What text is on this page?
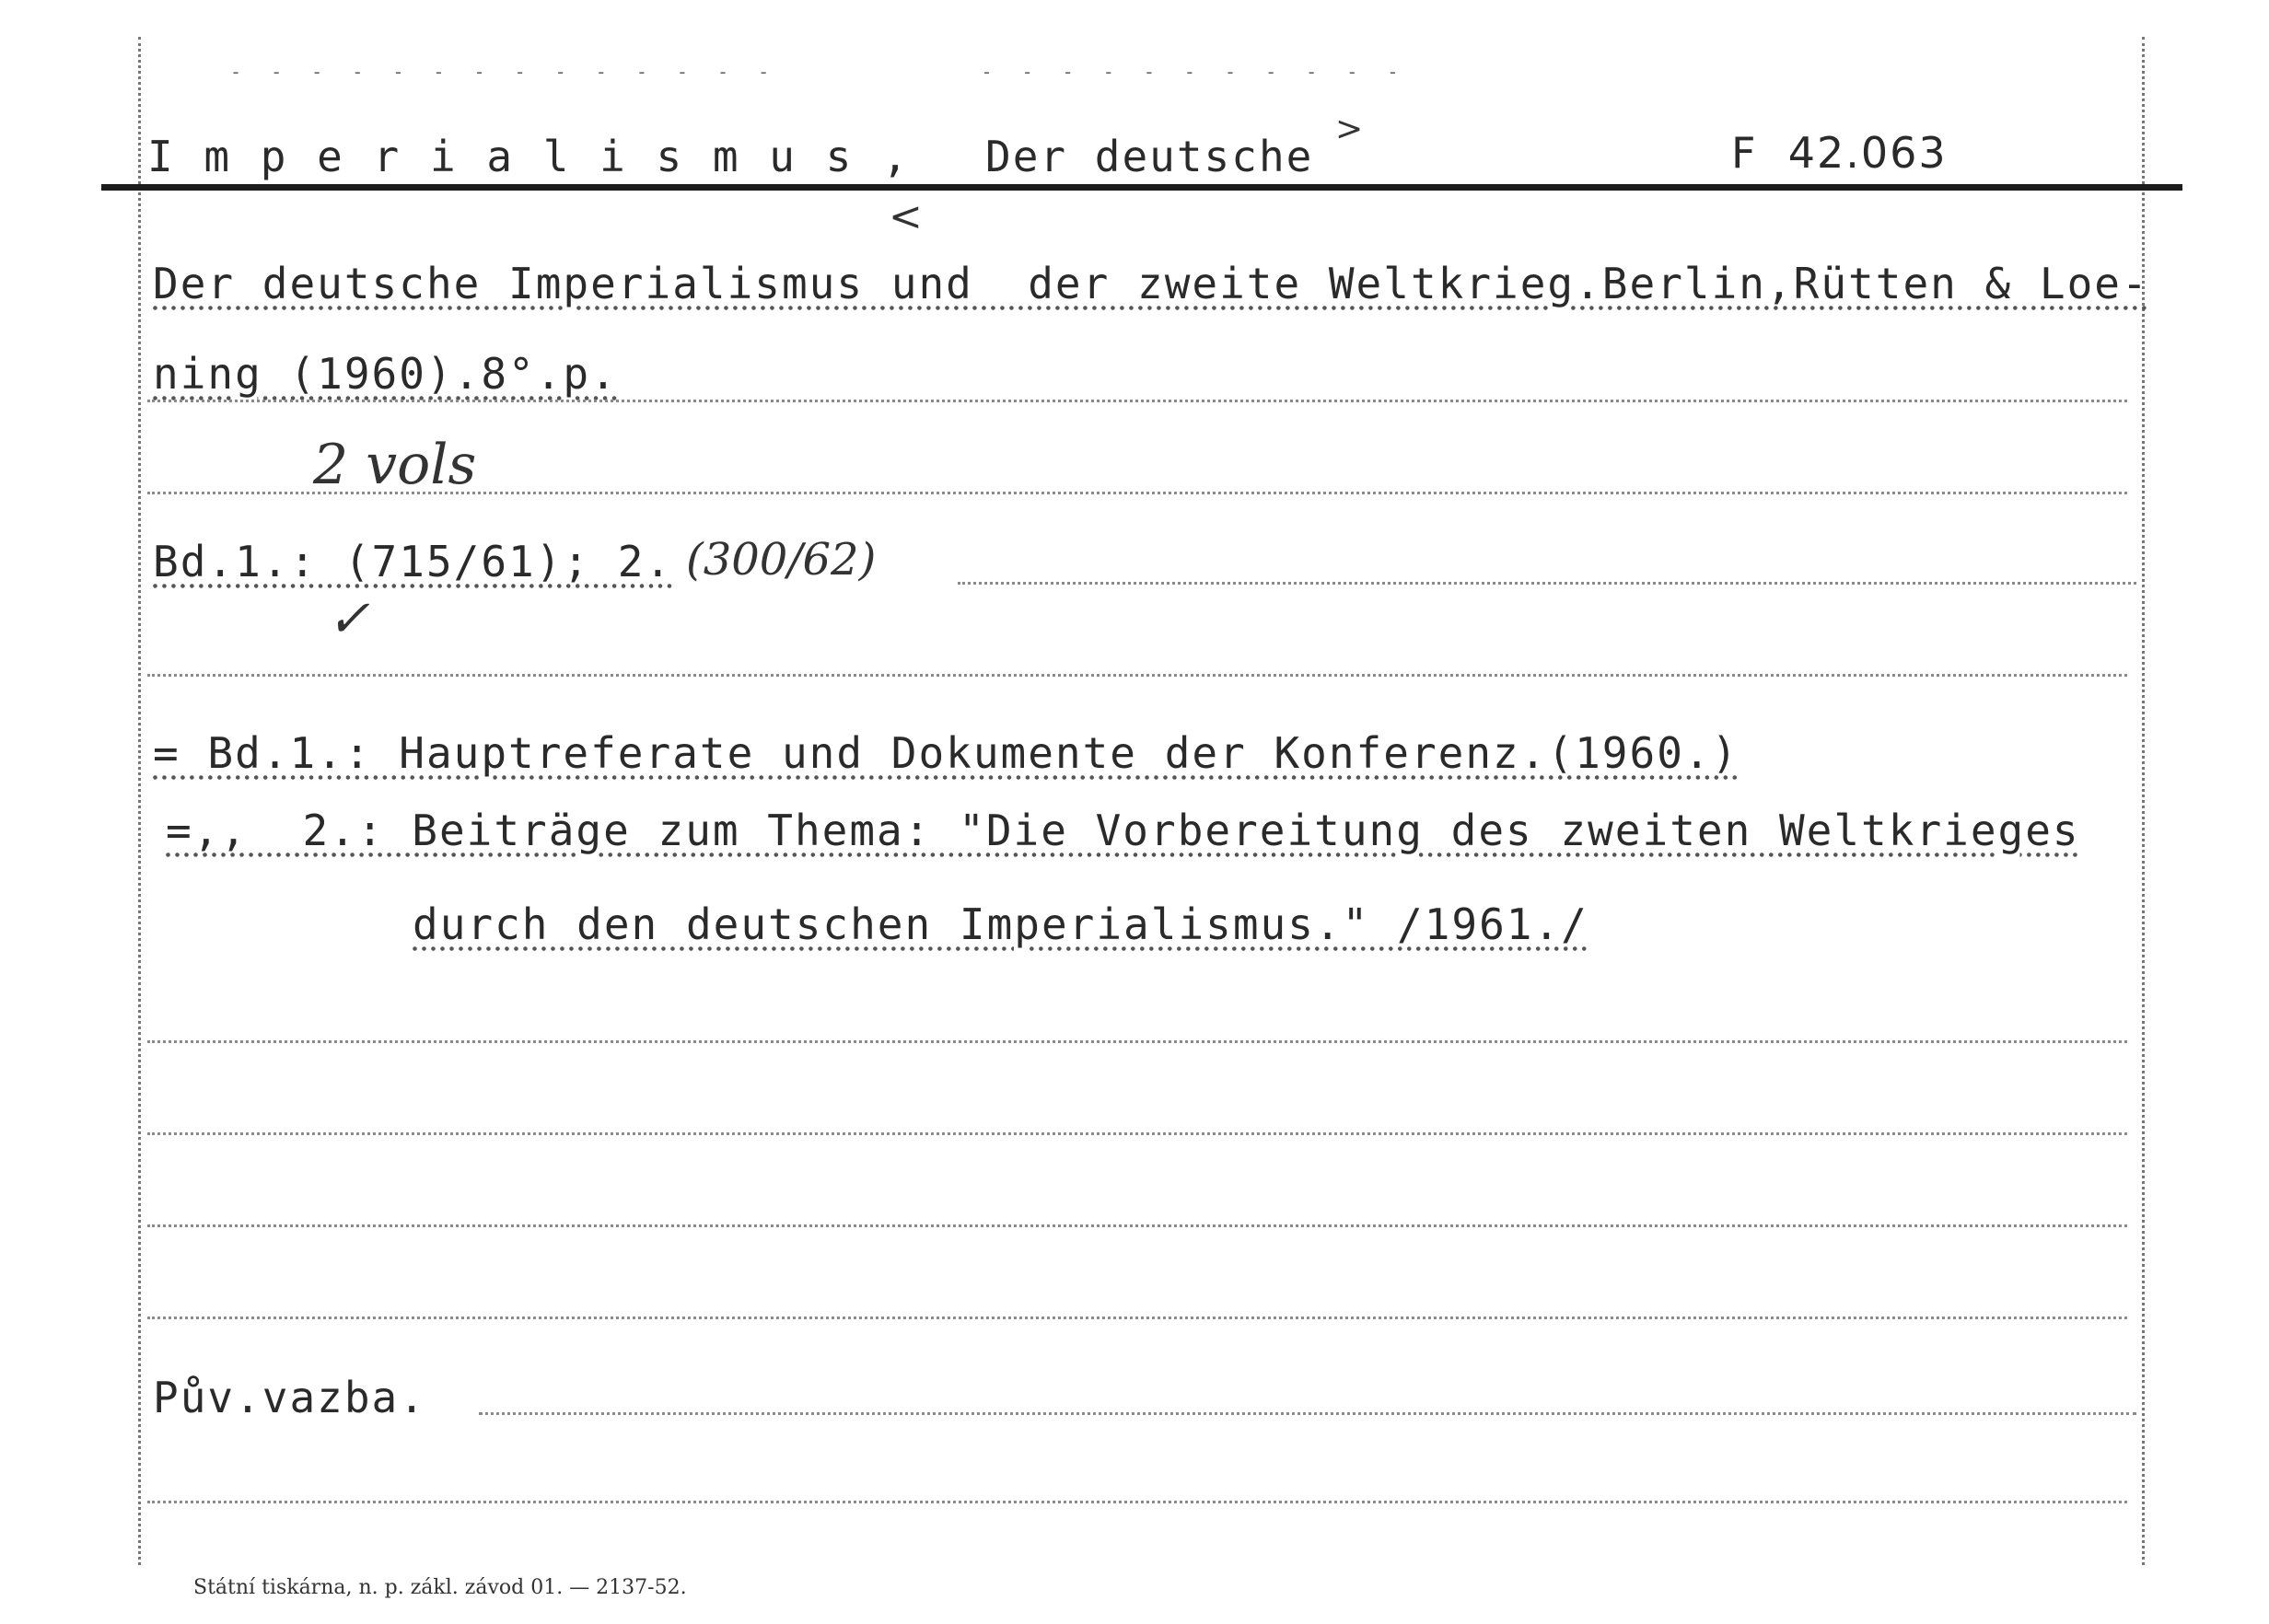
- - - - - - - - - - - - - -          - - - - - - - - - - -
I m p e r i a l i s m u s , Der deutsche
>	F  42.063
<
Der deutsche Imperialismus und  der zweite Weltkrieg.Berlin,Rütten & Loe-
ning (1960).8°.p.
2 vols
Bd.1.: (715/61); 2. (300/62)
✓
= Bd.1.: Hauptreferate und Dokumente der Konferenz.(1960.)
=,,  2.: Beiträge zum Thema: "Die Vorbereitung des zweiten Weltkrieges
durch den deutschen Imperialismus." /1961./
Pův.vazba.
Státní tiskárna, n. p. zákl. závod 01. — 2137-52.
